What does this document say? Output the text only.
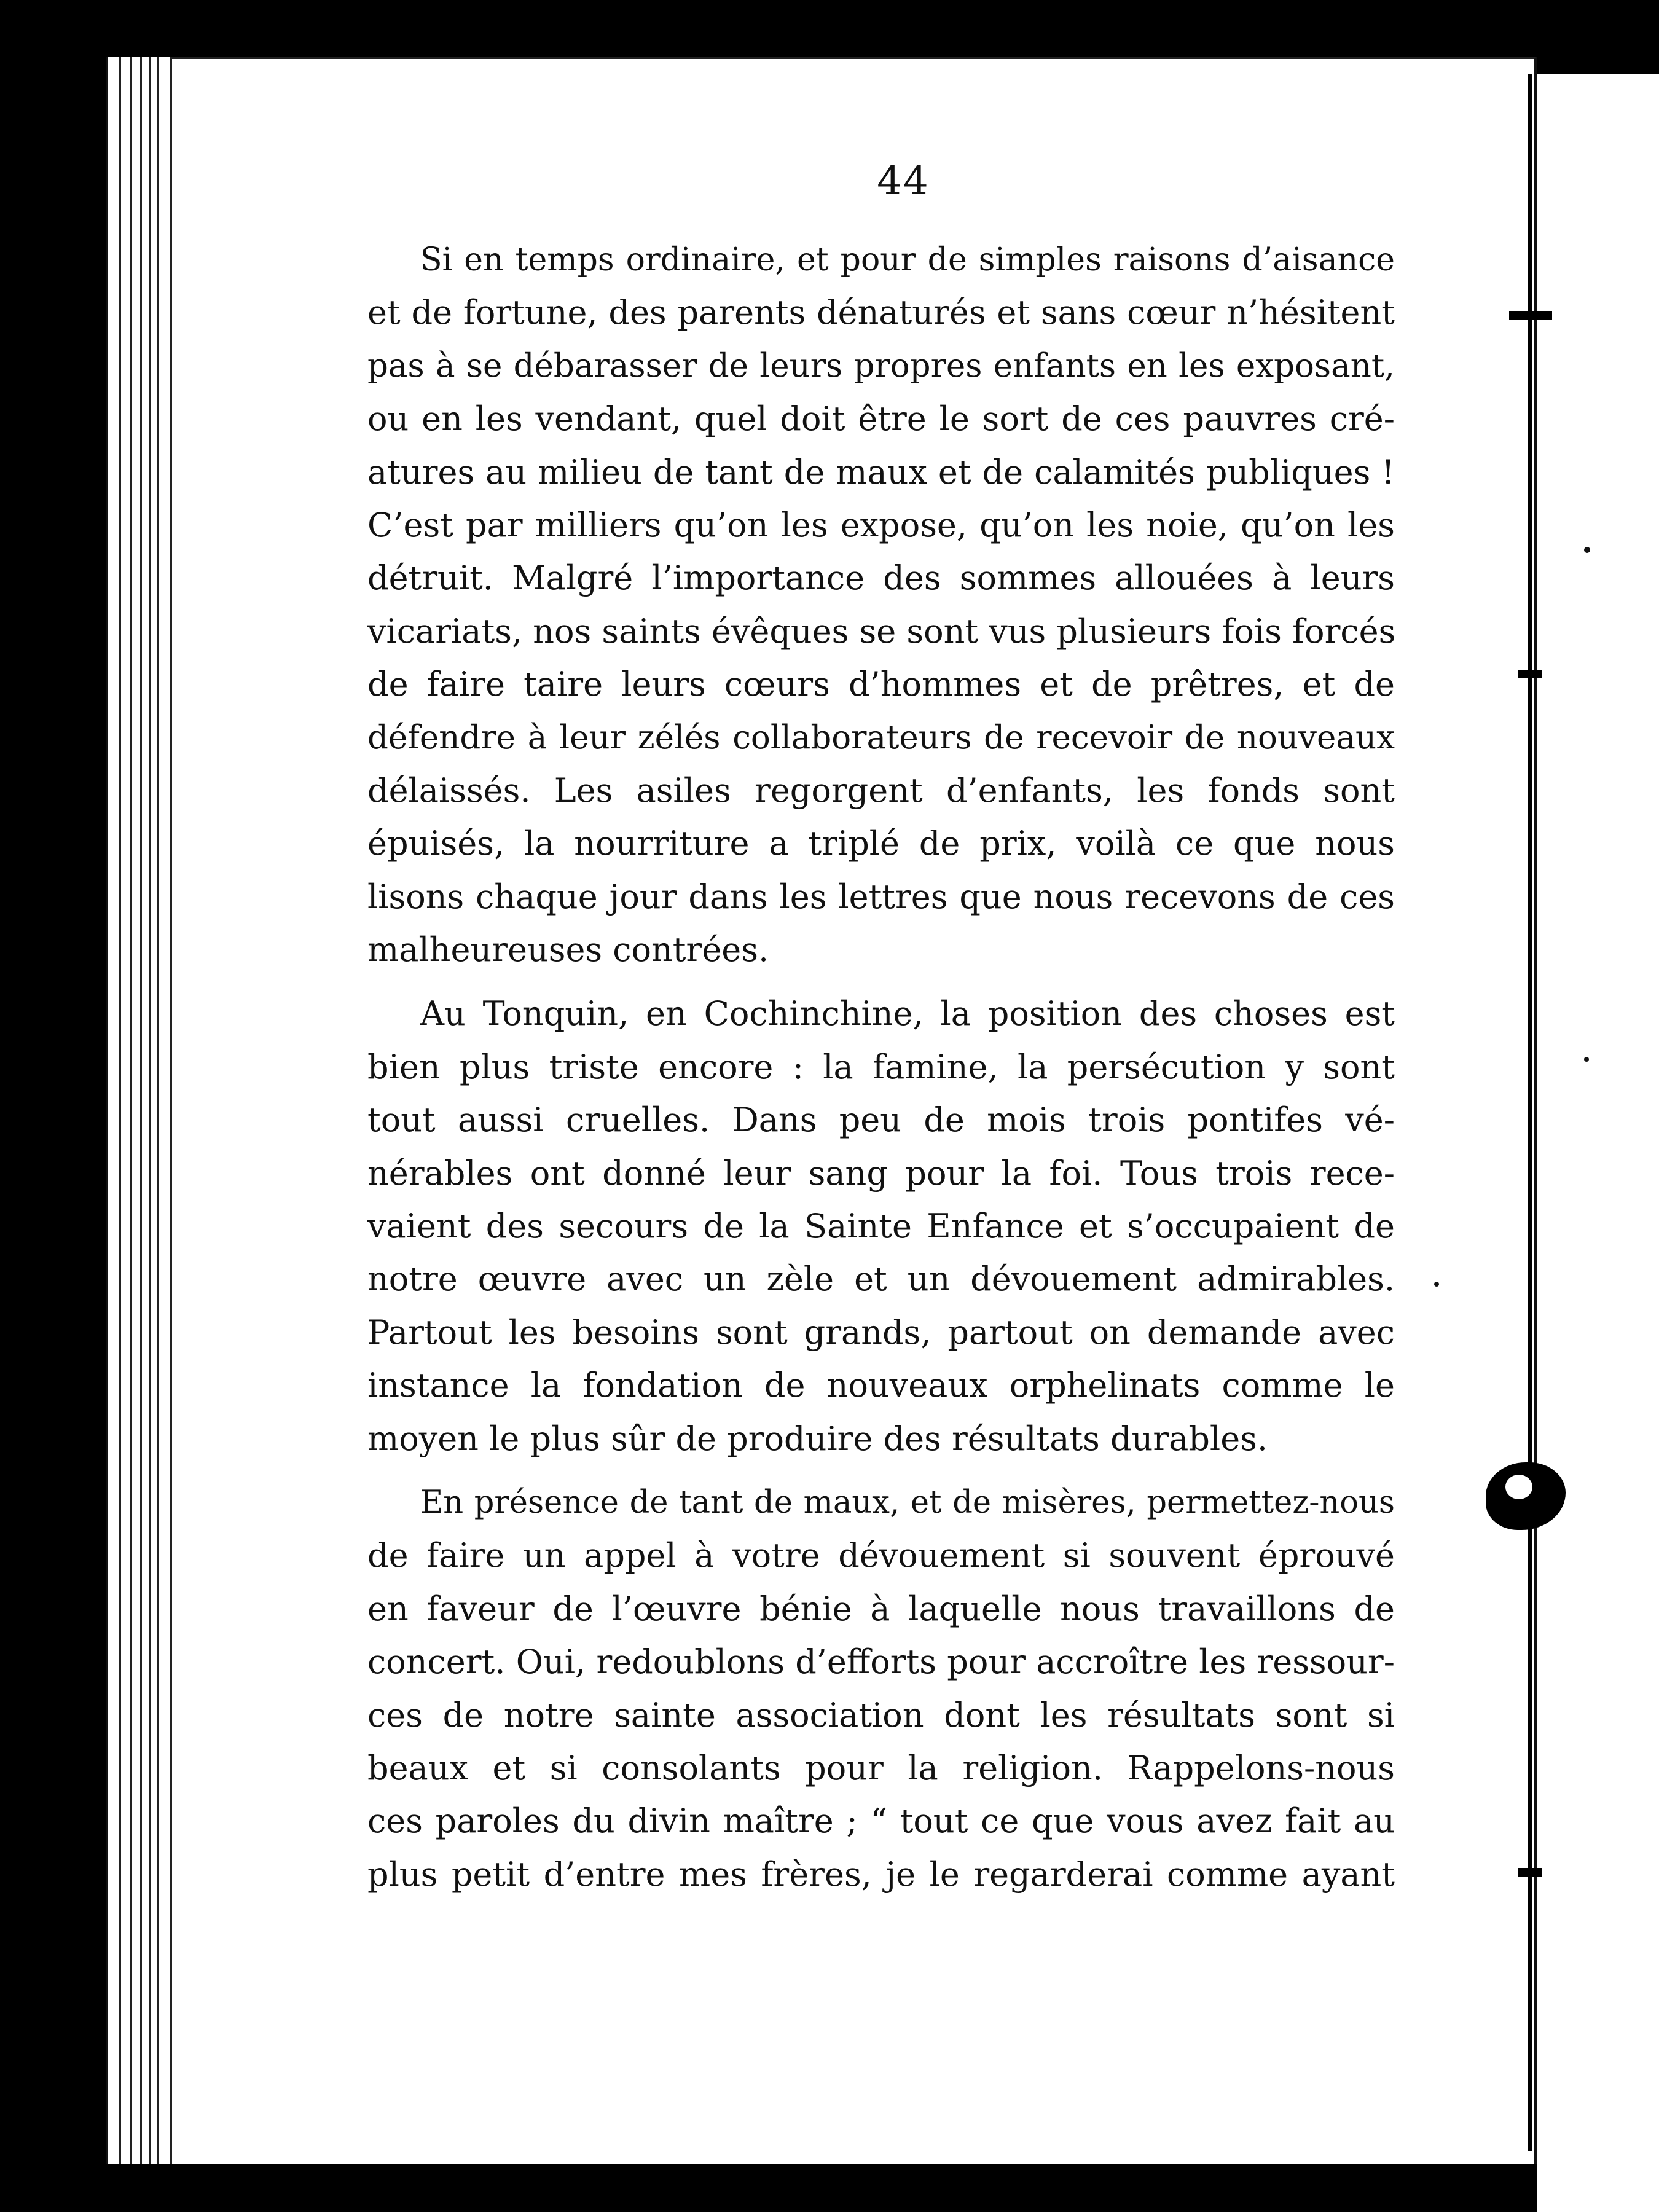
44
Si en temps ordinaire, et pour de simples raisons d’aisance
et de fortune, des parents dénaturés et sans cœur n’hésitent
pas à se débarasser de leurs propres enfants en les exposant,
ou en les vendant, quel doit être le sort de ces pauvres cré-
atures au milieu de tant de maux et de calamités publiques !
C’est par milliers qu’on les expose, qu’on les noie, qu’on les
détruit. Malgré l’importance des sommes allouées à leurs
vicariats, nos saints évêques se sont vus plusieurs fois forcés
de faire taire leurs cœurs d’hommes et de prêtres, et de
défendre à leur zélés collaborateurs de recevoir de nouveaux
délaissés. Les asiles regorgent d’enfants, les fonds sont
épuisés, la nourriture a triplé de prix, voilà ce que nous
lisons chaque jour dans les lettres que nous recevons de ces
malheureuses contrées.
Au Tonquin, en Cochinchine, la position des choses est
bien plus triste encore : la famine, la persécution y sont
tout aussi cruelles. Dans peu de mois trois pontifes vé-
nérables ont donné leur sang pour la foi. Tous trois rece-
vaient des secours de la Sainte Enfance et s’occupaient de
notre œuvre avec un zèle et un dévouement admirables.
Partout les besoins sont grands, partout on demande avec
instance la fondation de nouveaux orphelinats comme le
moyen le plus sûr de produire des résultats durables.
En présence de tant de maux, et de misères, permettez-nous
de faire un appel à votre dévouement si souvent éprouvé
en faveur de l’œuvre bénie à laquelle nous travaillons de
concert. Oui, redoublons d’efforts pour accroître les ressour-
ces de notre sainte association dont les résultats sont si
beaux et si consolants pour la religion. Rappelons-nous
ces paroles du divin maître ; “ tout ce que vous avez fait au
plus petit d’entre mes frères, je le regarderai comme ayant
